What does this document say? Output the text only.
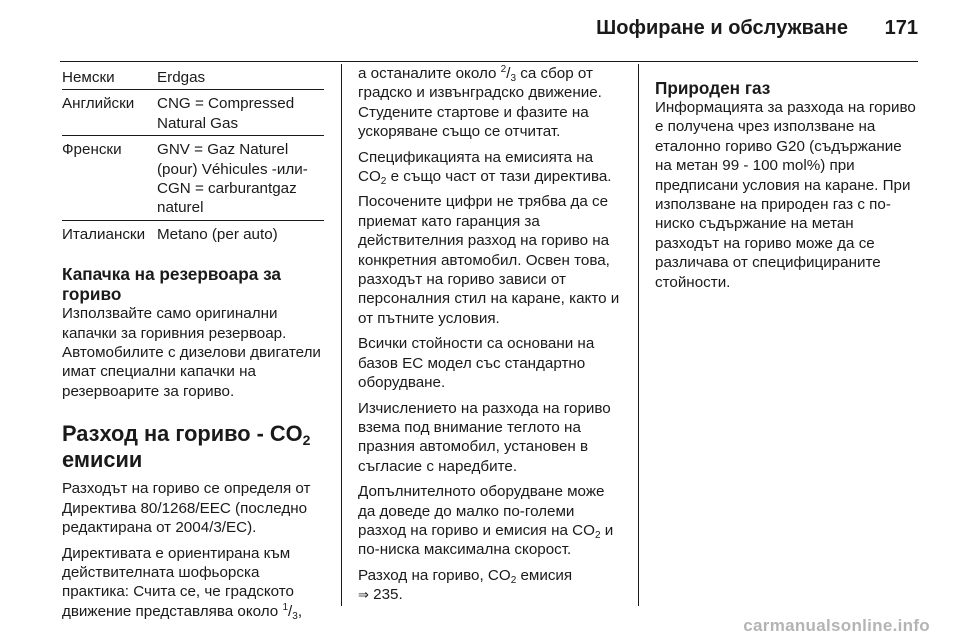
Шофиране и обслужване 171
Немски	Erdgas
Английски	CNG = Compressed Natural Gas
Френски	GNV = Gaz Naturel (pour) Véhicules -или- CGN = carburantgaz naturel
Италиански	Metano (per auto)
Капачка на резервоара за гориво

Използвайте само оригинални капачки за горивния резервоар. Автомобилите с дизелови двигатели имат специални капачки на резервоарите за гориво.

Разход на гориво - $CO_2$ емисии

Разходът на гориво се определя от Директива 80/1268/EEC (последно редактирана от 2004/3/EC).

Директивата е ориентирана към действителната шофьорска практика: Счита се, че градското движение представлява около $^1/_3$,

а останалите около $^2/_3$ са сбор от градско и извънградско движение. Студените стартове и фазите на ускоряване също се отчитат.

Спецификацията на емисията на $CO_2$ е също част от тази директива.

Посочените цифри не трябва да се приемат като гаранция за действителния разход на гориво на конкретния автомобил. Освен това, разходът на гориво зависи от персоналния стил на каране, както и от пътните условия.

Всички стойности са основани на базов ЕС модел със стандартно оборудване.

Изчислението на разхода на гориво взема под внимание теглото на празния автомобил, установен в съгласие с наредбите.

Допълнителното оборудване може да доведе до малко по-големи разход на гориво и емисия на $CO_2$ и по-ниска максимална скорост.

Разход на гориво, $CO_2$ емисия

⇒ 235.

Природен газ

Информацията за разхода на гориво е получена чрез използване на еталонно гориво G20 (съдържание на метан 99 - 100 mol%) при предписани условия на каране. При използване на природен газ с по-ниско съдържание на метан разходът на гориво може да се различава от специфицираните стойности.

carmanualsonline.info
